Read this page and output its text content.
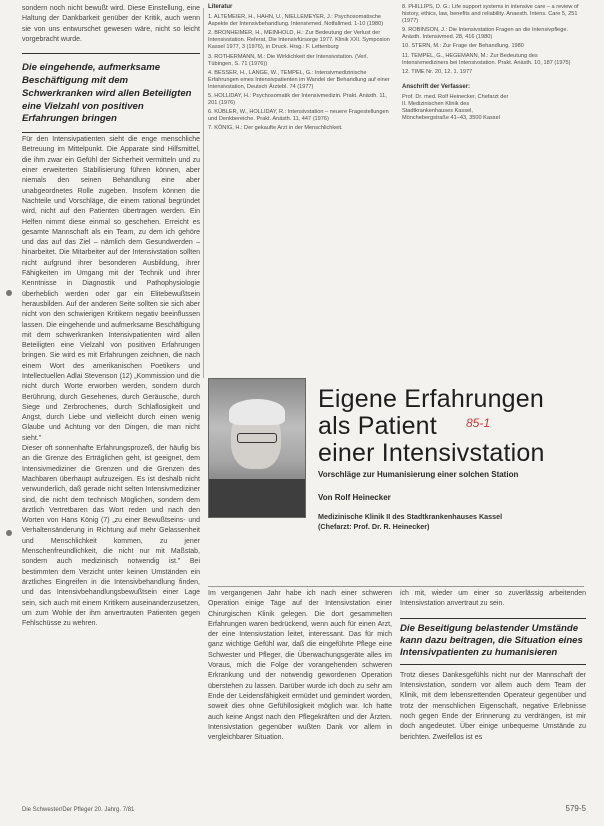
sondern noch nicht bewußt wird. Diese Einstellung, eine Haltung der Dankbarkeit genüber der Kritik, auch wenn sie von uns entwurschet gewesen wäre, nicht so leicht vorgebracht wurde.

Die eingehende, aufmerksame Beschäftigung mit dem Schwerkranken wird allen Beteiligten eine Vielzahl von positiven Erfahrungen bringen

Für den Intensivpatienten sieht die enge menschliche Betreuung im Mittelpunkt. Die Apparate sind Hilfsmittel, die ihm zwar ein Gefühl der Sicherheit vermitteln und zu einer erweiterten Stabilisierung führen können, aber niemals den seinen Behandlung eine aber unabgeordnetes Rolle zugeben. Insofern können die Nachteile und Vorschläge, die einem rational begründet wird, nicht auf den Patienten übertragen werden. Ein Helfen nimmt diese einmal so geschehen. Erreicht es gesamte Mannschaft als ein Team, zu dem ich gehöre und das auf das Ziel – nämlich dem Gesundwerden – hinarbeitet. Die Mitarbeiter auf der Intensivstation sollten nicht aufgrund ihrer besonderen Ausbildung, ihrer Fähigkeiten im Umgang mit der Technik und ihrer Kenntnisse in Diagnostik und Pathophysiologie überheblich werden oder gar ein Elitebewußtsein herausbilden. Auf der anderen Seite sollten sie sich aber nicht von den schwierigen Kritikern negativ beeinflussen lassen. Die eingehende und aufmerksame Beschäftigung mit dem schwerkranken Intensivpatienten wird allen Beteiligten eine Vielzahl von positiven Erfahrungen bringen. Sie wird es mit Erfahrungen zeichnen, die nach einem Wort des amerikanischen Poetikers und Intellectuellen Adlai Stevenson (12) „Kommission und die nicht durch Worte erworben werden, sondern durch Berührung, durch Gesehenes, durch Geräusche, durch Siege und Zerbrochenes, durch Schlaflosigkeit und Angst, durch Liebe und vielleicht durch einen wenig Glaube und Achtung vor den Dingen, die man nicht sieht."

Dieser oft sonnenhafte Erfahrungsprozeß, der häufig bis an die Grenze des Erträglichen geht, ist geeignet, dem Intensivmediziner die Grenzen und die Grenzen des Machbaren überhaupt aufzuzeigen. Es ist deshalb nicht verwunderlich, daß gerade nicht selten Intensivmediziner sind, die nicht dem technisch Möglichen, sondern dem ärztlich Vertretbaren das Wort reden und nach den Worten von Hans König (7) „zu einer Bewußtseins- und Verhaltensänderung in Richtung auf mehr Gelassenheit und Menschlichkeit kommen, zu jener Menschenfreundlichkeit, die nicht nur mit Maßstab, sondern auch medizinisch notwendig ist." Bei bestimmten dem Verzicht unter keinen Umständen ein ärztliches Eingreifen in die Intensivbehandlung finden, und das Intensivbehandlungsbewußtsein einer Lage sein, sich auch mit einem Kritikern auseinanderzusetzen, um zum Wohle der ihm anvertrauten Patienten gegen Fehlschüsse zu wehren.

Literatur
1. ALTEMEIER, H., HAHN, U., NIELLEMEYER, J.: Psychosomatische Aspekte der Intensivbehandlung. Intensivmed. Notfallmed. 1-10 (1980)
2. BRONHEIMER, H., MEINHOLD, H.: Zur Bedeutung der Verlust der Intensivstation. Referat, Die Intensivfürsorge 1977. Klinik XXI. Symposion Kassel 1977, 3 (1976), in Druck. Hrsg.: F. Lettenburg
3. ROTHERMANN, M.: Die Wirklichkeit der Intensivstation. (Verl. Tübingen, S. 71 (1976))
4. BESSER, H., LANGE, W., TEMPEL, G.: Intensivmedizinische Erfahrungen eines Intensivpatienten im Wandel der Behandlung auf einer Intensivstation, Deutsch Ärztebl. 74 (1977)
5. HOLLIDAY, H.: Psychosomatik der Intensivmedizin. Prakt. Anästh. 11, 201 (1976)
6. KÜBLER, W., HOLLIDAY, R.: Intensivstation – neuere Fragestellungen und Denkbereiche. Prakt. Anästh. 11, 447 (1976)
7. KÖNIG, H.: Der gekaufte Arzt in der Menschlichkeit.
8. PHILLIPS, D. G.: Life support systems in intensive care – a review of history, ethics, law, benefits and reliability. Anaesth. Intens. Care 5, 251 (1977)
9. ROBINSON, J.: Die Intensivstation Fragen an die Intensivpflege. Anästh. Intensivmed. 28, 416 (1980)
10. STERN, M.: Zur Frage der Behandlung. 1980
11. TEMPEL, G., HEGEMANN, M.: Zur Bedeutung des Intensivmediziners bei Intensivstation. Prakt. Anästh. 10, 187 (1975)
12. TIME Nr. 20, 12. 1. 1977
Anschrift der Verfasser:
Prof. Dr. med. Rolf Heinecker, Chefarzt der II. Medizinischen Klinik des Stadtkrankenhauses Kassel, Mönchebergstraße 41–43, 3500 Kassel
Eigene Erfahrungen
als Patient
einer Intensivstation
85-1
Vorschläge zur Humanisierung einer solchen Station
Von Rolf Heinecker
Medizinische Klinik II des Stadtkrankenhauses Kassel
(Chefarzt: Prof. Dr. R. Heinecker)

Im vergangenen Jahr habe ich nach einer schweren Operation einige Tage auf der Intensivstation einer Chirurgischen Klinik gelegen. Die dort gesammelten Erfahrungen waren bedrückend, wenn auch für einen Arzt, der eine Intensivstation leitet, interessant. Das für mich ganz wichtige Gefühl war, daß die eingeführte Pflege eine Schwester und Pfleger, die Überwachungsgeräte alles im Voraus, mich die Folge der vorangehenden schweren Erkrankung und der notwendig gewordenen Operation überstehen zu lassen. Darüber wurde ich doch zu sehr am Ende der Leidensfähigkeit ermüdet und gemindert worden, soweit dies ohne Gefühllosigkeit möglich war. Ich hatte auch keine Angst nach den Pflegekräften und der Ärzten. Intensivstation gegenüber wußten Dank vor allem in vergleichbarer Situation.

ich mit, wieder um einer so zuverlässig arbeitenden Intensivstation anvertraut zu sein.

Die Beseitigung belastender Umstände kann dazu beitragen, die Situation eines Intensivpatienten zu humanisieren

Trotz dieses Dankesgefühls nicht nur der Mannschaft der Intensivstation, sondern vor allem auch dem Team der Klinik, mit dem lebensrettenden Operateur gegenüber und trotz der menschlichen Eigenschaft, negative Erlebnisse noch gegen Ende der Erinnerung zu verdrängen, ist mir doch angedeutet. Über einige unbequeme Umstände zu berichten. Zweifellos ist es

Die Schwester/Der Pfleger 20. Jahrg. 7/81	579-5
